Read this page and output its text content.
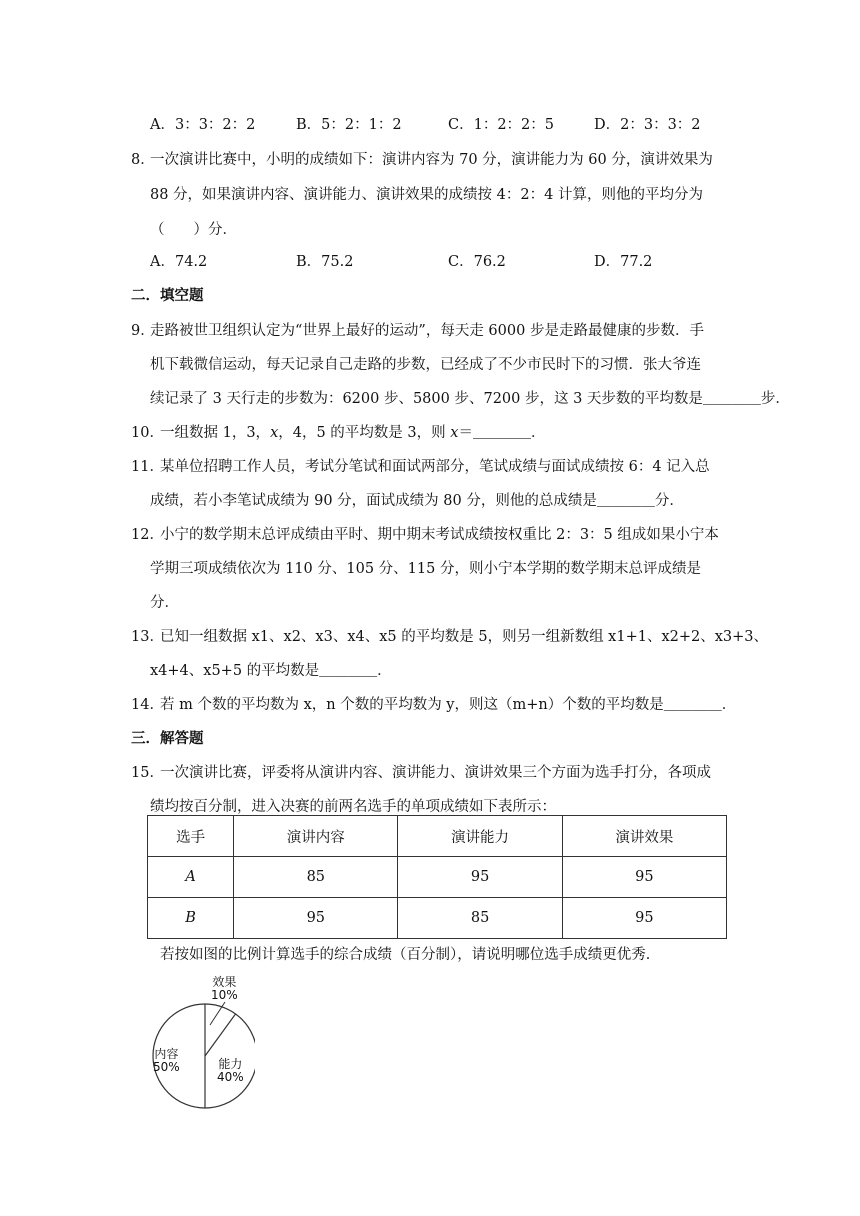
A．3：3：2：2	B．5：2：1：2	C．1：2：2：5	D．2：3：3：2
8．
一次演讲比赛中，小明的成绩如下：演讲内容为 70 分，演讲能力为 60 分，演讲效果为
88 分，如果演讲内容、演讲能力、演讲效果的成绩按 4：2：4 计算，则他的平均分为
（　　）分．
A．74.2	B．75.2	C．76.2	D．77.2
二．填空题
9．
走路被世卫组织认定为“世界上最好的运动”，每天走 6000 步是走路最健康的步数．手
机下载微信运动，每天记录自己走路的步数，已经成了不少市民时下的习惯．张大爷连
续记录了 3 天行走的步数为：6200 步、5800 步、7200 步，这 3 天步数的平均数是＿＿＿＿步．
10．
一组数据 1，3，x，4，5 的平均数是 3，则 x＝＿＿＿＿．
11．
某单位招聘工作人员，考试分笔试和面试两部分，笔试成绩与面试成绩按 6：4 记入总
成绩，若小李笔试成绩为 90 分，面试成绩为 80 分，则他的总成绩是＿＿＿＿分．
12．
小宁的数学期末总评成绩由平时、期中期末考试成绩按权重比 2：3：5 组成如果小宁本
学期三项成绩依次为 110 分、105 分、115 分，则小宁本学期的数学期末总评成绩是
分．
13．
已知一组数据 x1、x2、x3、x4、x5 的平均数是 5，则另一组新数组 x1+1、x2+2、x3+3、
x4+4、x5+5 的平均数是＿＿＿＿．
14．
若 m 个数的平均数为 x，n 个数的平均数为 y，则这（m+n）个数的平均数是＿＿＿＿．
三．解答题
15．
一次演讲比赛，评委将从演讲内容、演讲能力、演讲效果三个方面为选手打分，各项成
绩均按百分制，进入决赛的前两名选手的单项成绩如下表所示：
选手	演讲内容	演讲能力	演讲效果
A	85	95	95
B	95	85	95
若按如图的比例计算选手的综合成绩（百分制），请说明哪位选手成绩更优秀．
效果
10%
内容
50%	能力
40%
